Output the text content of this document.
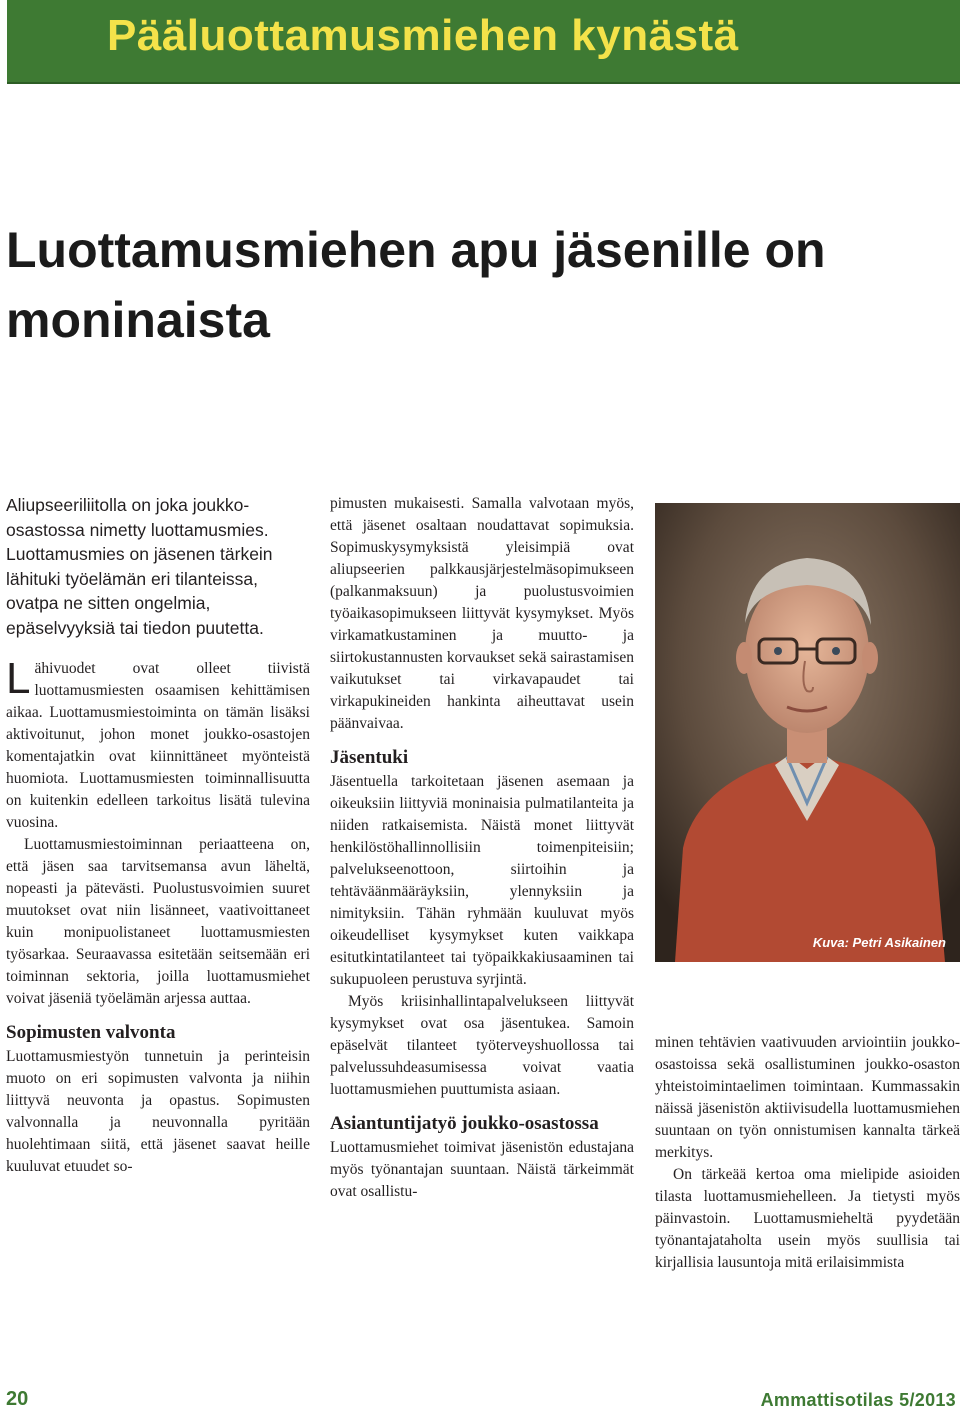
Pääluottamusmiehen kynästä
Luottamusmiehen apu jäsenille on moninaista

Aliupseeriliitolla on joka joukko-osastossa nimetty luottamusmies. Luottamusmies on jäsenen tärkein lähituki työelämän eri tilanteissa, ovatpa ne sitten ongelmia, epäselvyyksiä tai tiedon puutetta.

Lähivuodet ovat olleet tiivistä luottamusmiesten osaamisen kehittämisen aikaa. Luottamusmiestoiminta on tämän lisäksi aktivoitunut, johon monet joukko-osastojen komentajatkin ovat kiinnittäneet myönteistä huomiota. Luottamusmiesten toiminnallisuutta on kuitenkin edelleen tarkoitus lisätä tulevina vuosina.

Luottamusmiestoiminnan periaatteena on, että jäsen saa tarvitsemansa avun läheltä, nopeasti ja pätevästi. Puolustusvoimien suuret muutokset ovat niin lisänneet, vaativoittaneet kuin monipuolistaneet luottamusmiesten työsarkaa. Seuraavassa esitetään seitsemään eri toiminnan sektoria, joilla luottamusmiehet voivat jäseniä työelämän arjessa auttaa.

Sopimusten valvonta

Luottamusmiestyön tunnetuin ja perinteisin muoto on eri sopimusten valvonta ja niihin liittyvä neuvonta ja opastus. Sopimusten valvonnalla ja neuvonnalla pyritään huolehtimaan siitä, että jäsenet saavat heille kuuluvat etuudet so-

pimusten mukaisesti. Samalla valvotaan myös, että jäsenet osaltaan noudattavat sopimuksia. Sopimuskysymyksistä yleisimpiä ovat aliupseerien palkkausjärjestelmäsopimukseen (palkanmaksuun) ja puolustusvoimien työaikasopimukseen liittyvät kysymykset. Myös virkamatkustaminen ja muutto- ja siirtokustannusten korvaukset sekä sairastamisen vaikutukset tai virkavapaudet tai virkapukineiden hankinta aiheuttavat usein päänvaivaa.

Jäsentuki

Jäsentuella tarkoitetaan jäsenen asemaan ja oikeuksiin liittyviä moninaisia pulmatilanteita ja niiden ratkaisemista. Näistä monet liittyvät henkilöstöhallinnollisiin toimenpiteisiin; palvelukseenottoon, siirtoihin ja tehtäväänmääräyksiin, ylennyksiin ja nimityksiin. Tähän ryhmään kuuluvat myös oikeudelliset kysymykset kuten vaikkapa esitutkintatilanteet tai työpaikkakiusaaminen tai sukupuoleen perustuva syrjintä.

Myös kriisinhallintapalvelukseen liittyvät kysymykset ovat osa jäsentukea. Samoin epäselvät tilanteet työterveyshuollossa tai palvelussuhdeasumisessa voivat vaatia luottamusmiehen puuttumista asiaan.

Asiantuntijatyö joukko-osastossa

Luottamusmiehet toimivat jäsenistön edustajana myös työnantajan suuntaan. Näistä tärkeimmät ovat osallistu-

Kuva: Petri Asikainen

minen tehtävien vaativuuden arviointiin joukko-osastoissa sekä osallistuminen joukko-osaston yhteistoimintaelimen toimintaan. Kummassakin näissä jäsenistön aktiivisudella luottamusmiehen suuntaan on työn onnistumisen kannalta tärkeä merkitys.

On tärkeää kertoa oma mielipide asioiden tilasta luottamusmiehelleen. Ja tietysti myös päinvastoin. Luottamusmieheltä pyydetään työnantajataholta usein myös suullisia tai kirjallisia lausuntoja mitä erilaisimmista

20	Ammattisotilas 5/2013
